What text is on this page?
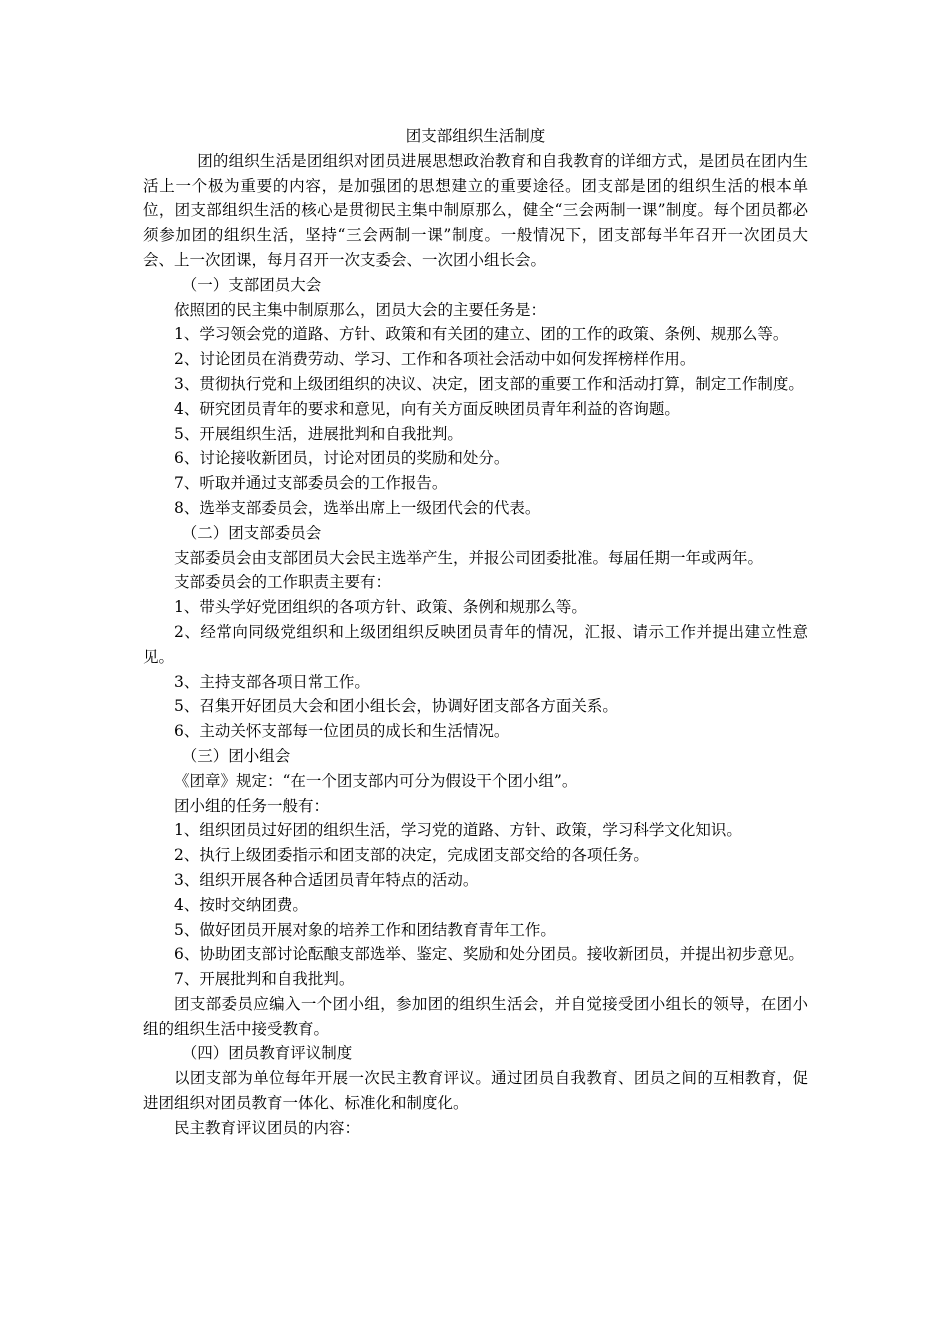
团支部组织生活制度

团的组织生活是团组织对团员进展思想政治教育和自我教育的详细方式，是团员在团内生活上一个极为重要的内容，是加强团的思想建立的重要途径。团支部是团的组织生活的根本单位，团支部组织生活的核心是贯彻民主集中制原那么，健全“三会两制一课”制度。每个团员都必须参加团的组织生活，坚持“三会两制一课”制度。一般情况下，团支部每半年召开一次团员大会、上一次团课，每月召开一次支委会、一次团小组长会。

（一）支部团员大会

依照团的民主集中制原那么，团员大会的主要任务是：

1、学习领会党的道路、方针、政策和有关团的建立、团的工作的政策、条例、规那么等。

2、讨论团员在消费劳动、学习、工作和各项社会活动中如何发挥榜样作用。

3、贯彻执行党和上级团组织的决议、决定，团支部的重要工作和活动打算，制定工作制度。

4、研究团员青年的要求和意见，向有关方面反映团员青年利益的咨询题。

5、开展组织生活，进展批判和自我批判。

6、讨论接收新团员，讨论对团员的奖励和处分。

7、听取并通过支部委员会的工作报告。

8、选举支部委员会，选举出席上一级团代会的代表。

（二）团支部委员会

支部委员会由支部团员大会民主选举产生，并报公司团委批准。每届任期一年或两年。

支部委员会的工作职责主要有：

1、带头学好党团组织的各项方针、政策、条例和规那么等。

2、经常向同级党组织和上级团组织反映团员青年的情况，汇报、请示工作并提出建立性意见。

3、主持支部各项日常工作。

5、召集开好团员大会和团小组长会，协调好团支部各方面关系。

6、主动关怀支部每一位团员的成长和生活情况。

（三）团小组会

《团章》规定：“在一个团支部内可分为假设干个团小组”。

团小组的任务一般有：

1、组织团员过好团的组织生活，学习党的道路、方针、政策，学习科学文化知识。

2、执行上级团委指示和团支部的决定，完成团支部交给的各项任务。

3、组织开展各种合适团员青年特点的活动。

4、按时交纳团费。

5、做好团员开展对象的培养工作和团结教育青年工作。

6、协助团支部讨论酝酿支部选举、鉴定、奖励和处分团员。接收新团员，并提出初步意见。

7、开展批判和自我批判。

团支部委员应编入一个团小组，参加团的组织生活会，并自觉接受团小组长的领导，在团小组的组织生活中接受教育。

（四）团员教育评议制度

以团支部为单位每年开展一次民主教育评议。通过团员自我教育、团员之间的互相教育，促进团组织对团员教育一体化、标准化和制度化。

民主教育评议团员的内容：
